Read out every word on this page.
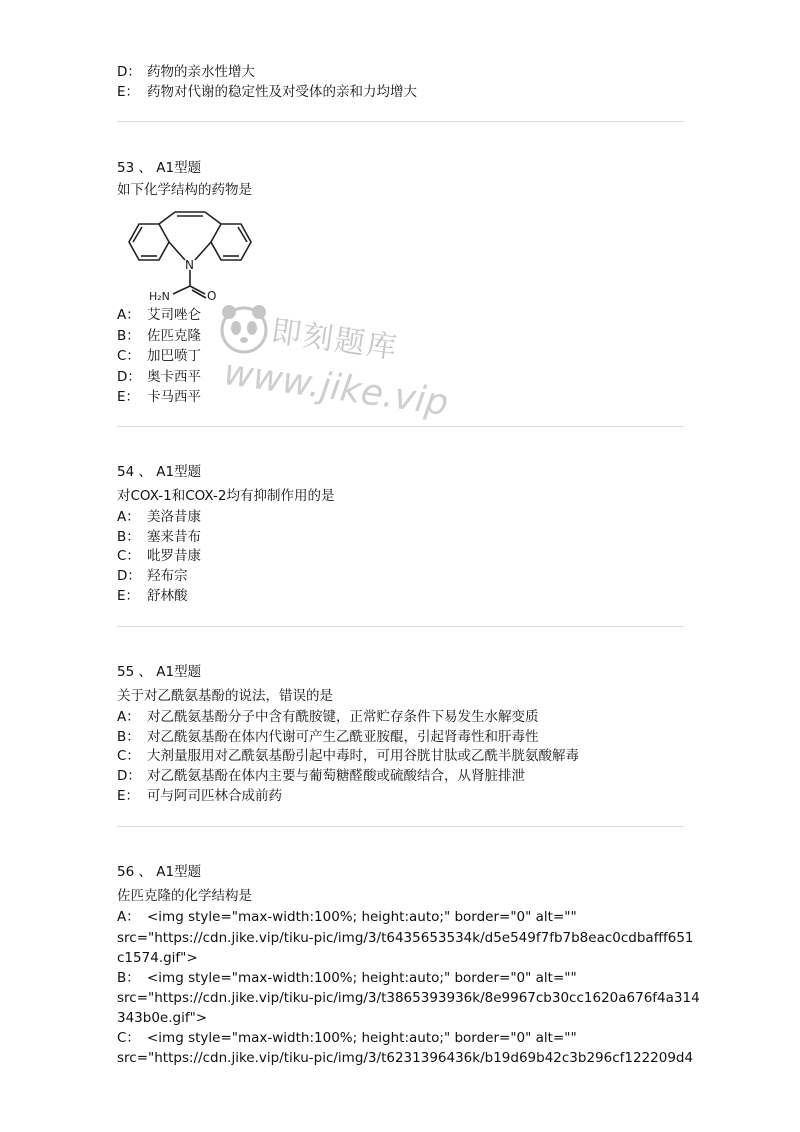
D： 药物的亲水性增大
E： 药物对代谢的稳定性及对受体的亲和力均增大
53 、 A1型题
如下化学结构的药物是
N
H₂N	O
A： 艾司唑仑
B： 佐匹克隆
C： 加巴喷丁
D： 奥卡西平
E： 卡马西平
即刻题库
www.jike.vip
54 、 A1型题
对COX-1和COX-2均有抑制作用的是
A： 美洛昔康
B： 塞来昔布
C： 吡罗昔康
D： 羟布宗
E： 舒林酸
55 、 A1型题
关于对乙酰氨基酚的说法，错误的是
A： 对乙酰氨基酚分子中含有酰胺键，正常贮存条件下易发生水解变质
B： 对乙酰氨基酚在体内代谢可产生乙酰亚胺醌，引起肾毒性和肝毒性
C： 大剂量服用对乙酰氨基酚引起中毒时，可用谷胱甘肽或乙酰半胱氨酸解毒
D： 对乙酰氨基酚在体内主要与葡萄糖醛酸或硫酸结合，从肾脏排泄
E： 可与阿司匹林合成前药
56 、 A1型题
佐匹克隆的化学结构是
A： <img style="max-width:100%; height:auto;" border="0" alt=""
src="https://cdn.jike.vip/tiku-pic/img/3/t6435653534k/d5e549f7fb7b8eac0cdbafff651
c1574.gif">
B： <img style="max-width:100%; height:auto;" border="0" alt=""
src="https://cdn.jike.vip/tiku-pic/img/3/t3865393936k/8e9967cb30cc1620a676f4a314
343b0e.gif">
C： <img style="max-width:100%; height:auto;" border="0" alt=""
src="https://cdn.jike.vip/tiku-pic/img/3/t6231396436k/b19d69b42c3b296cf122209d4
